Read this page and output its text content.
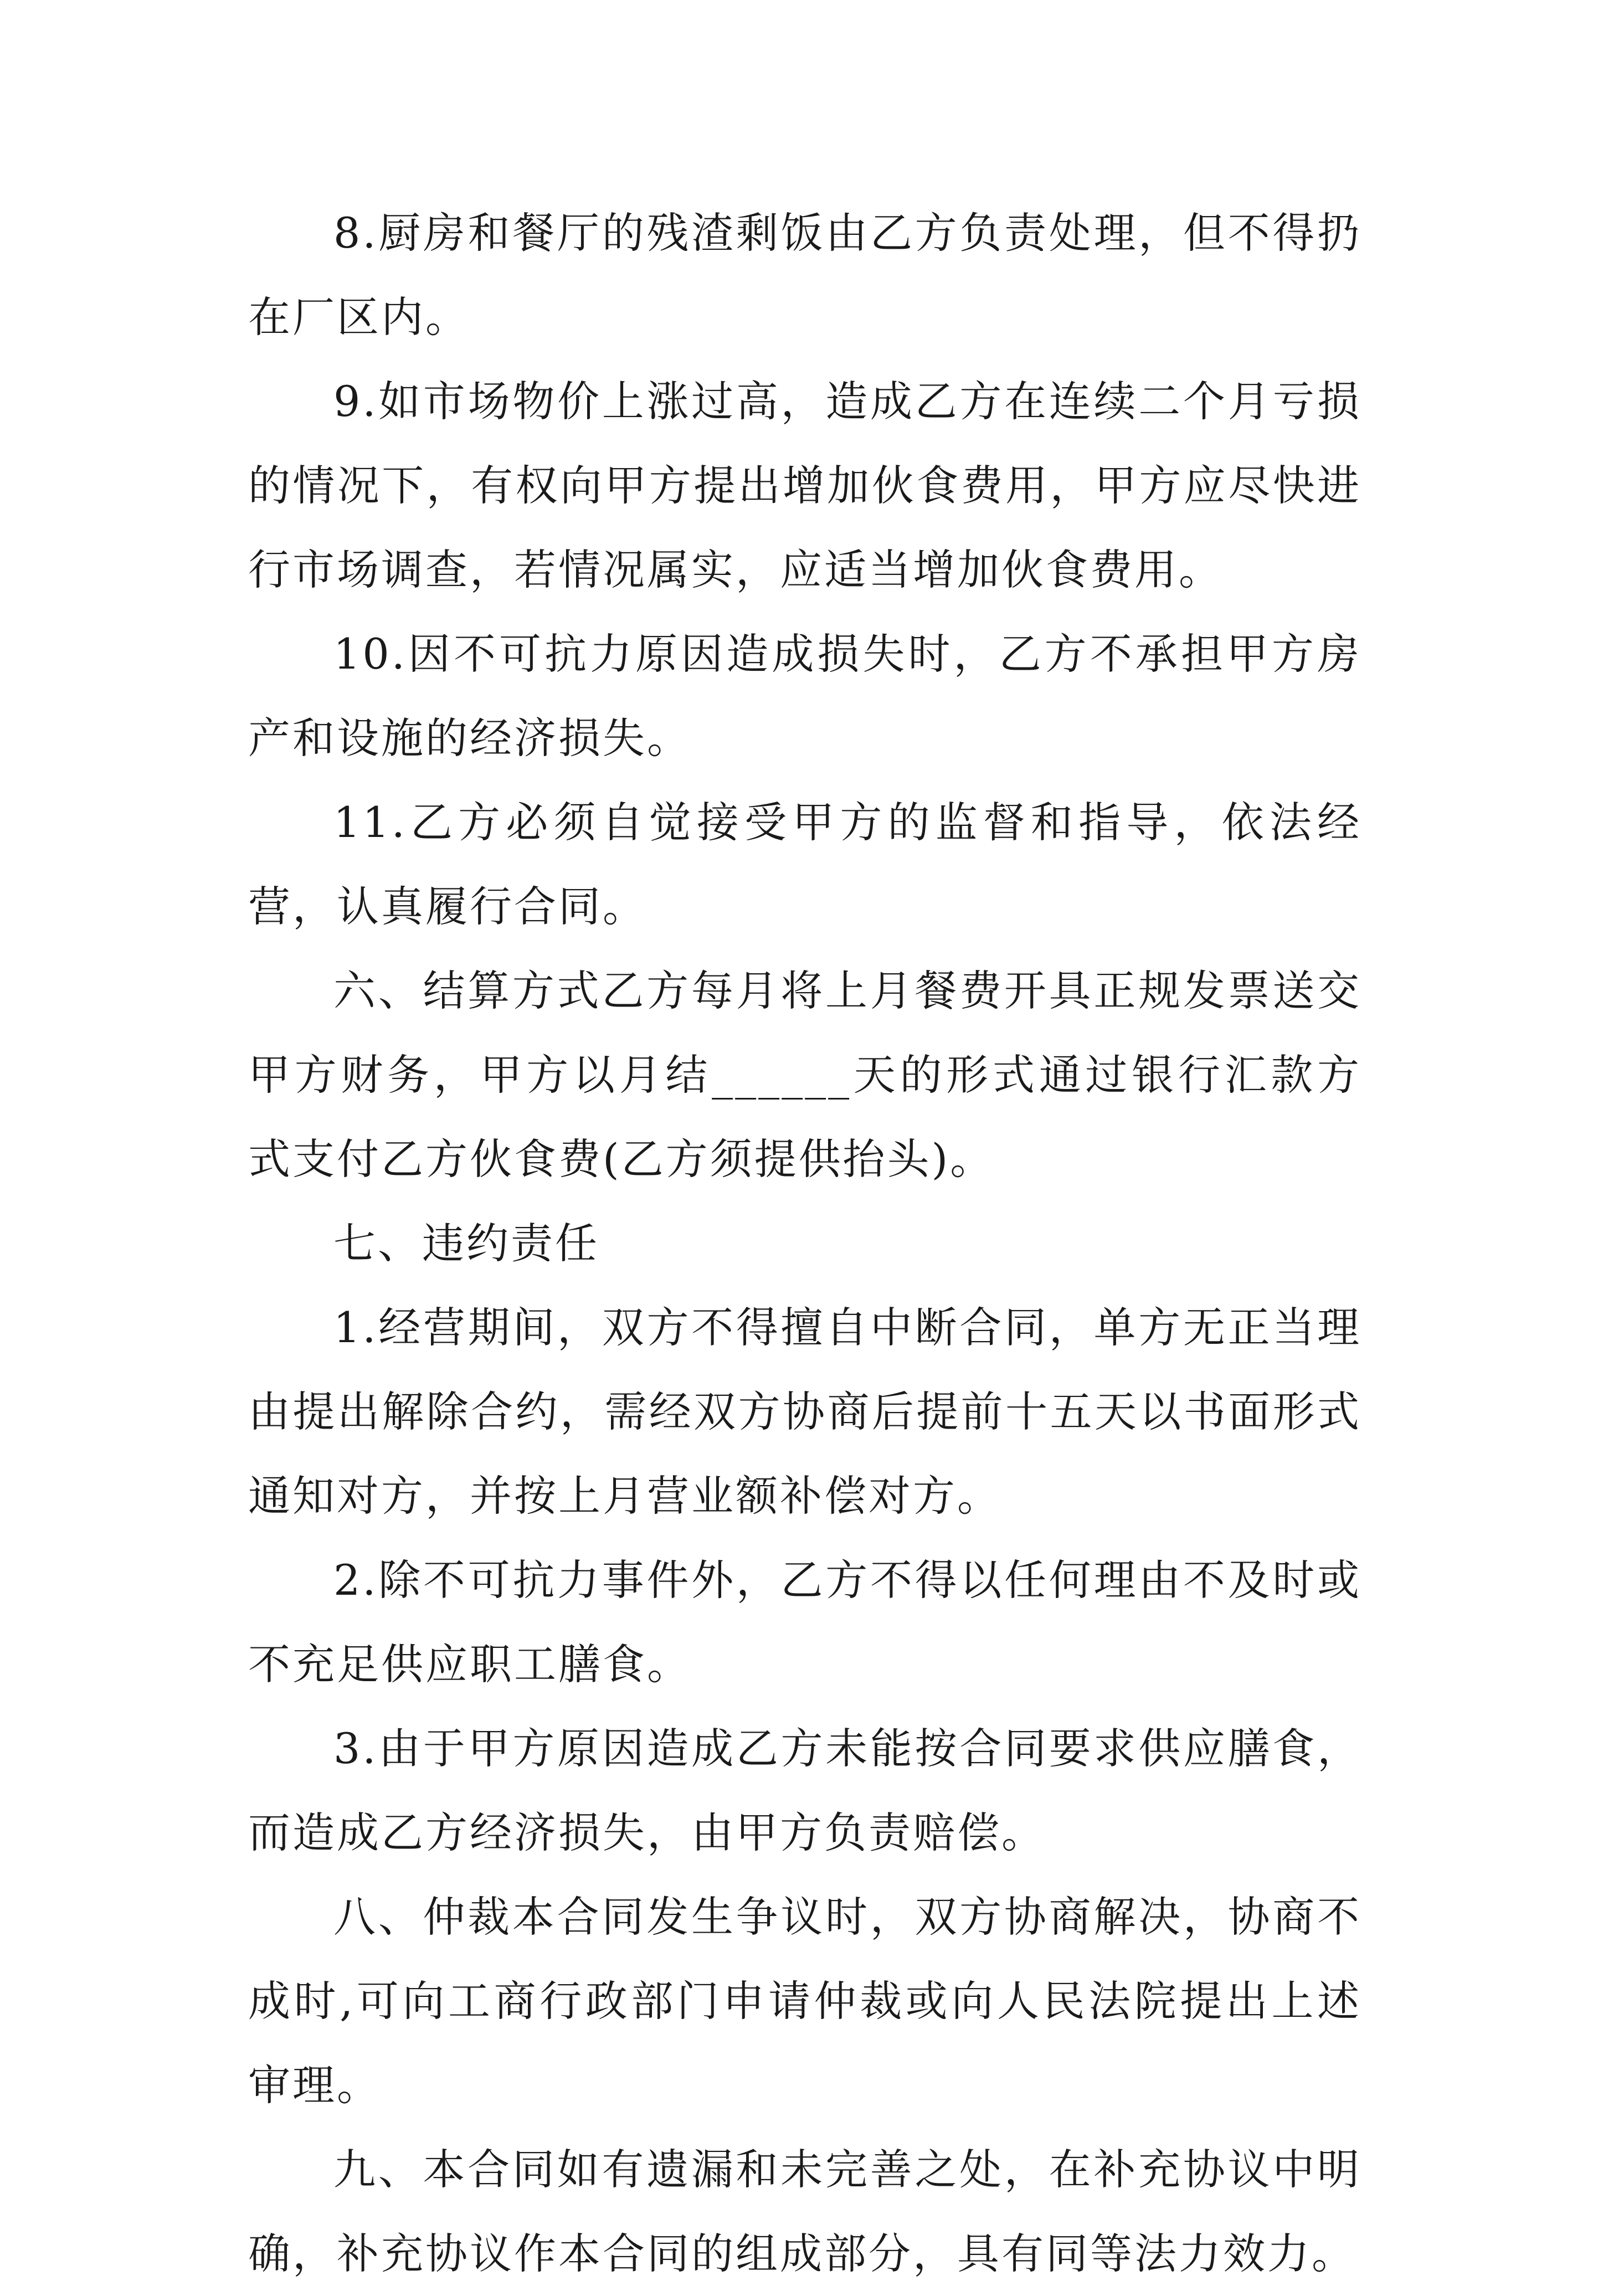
8.厨房和餐厅的残渣剩饭由乙方负责处理，但不得扔在厂区内。

9.如市场物价上涨过高，造成乙方在连续二个月亏损的情况下，有权向甲方提出增加伙食费用，甲方应尽快进行市场调查，若情况属实，应适当增加伙食费用。

10.因不可抗力原因造成损失时，乙方不承担甲方房产和设施的经济损失。

11.乙方必须自觉接受甲方的监督和指导，依法经营，认真履行合同。

六、结算方式乙方每月将上月餐费开具正规发票送交甲方财务，甲方以月结______天的形式通过银行汇款方式支付乙方伙食费(乙方须提供抬头)。

七、违约责任

1.经营期间，双方不得擅自中断合同，单方无正当理由提出解除合约，需经双方协商后提前十五天以书面形式通知对方，并按上月营业额补偿对方。

2.除不可抗力事件外，乙方不得以任何理由不及时或不充足供应职工膳食。

3.由于甲方原因造成乙方未能按合同要求供应膳食，而造成乙方经济损失，由甲方负责赔偿。

八、仲裁本合同发生争议时，双方协商解决，协商不成时,可向工商行政部门申请仲裁或向人民法院提出上述审理。

九、本合同如有遗漏和未完善之处，在补充协议中明确，补充协议作本合同的组成部分，具有同等法力效力。
